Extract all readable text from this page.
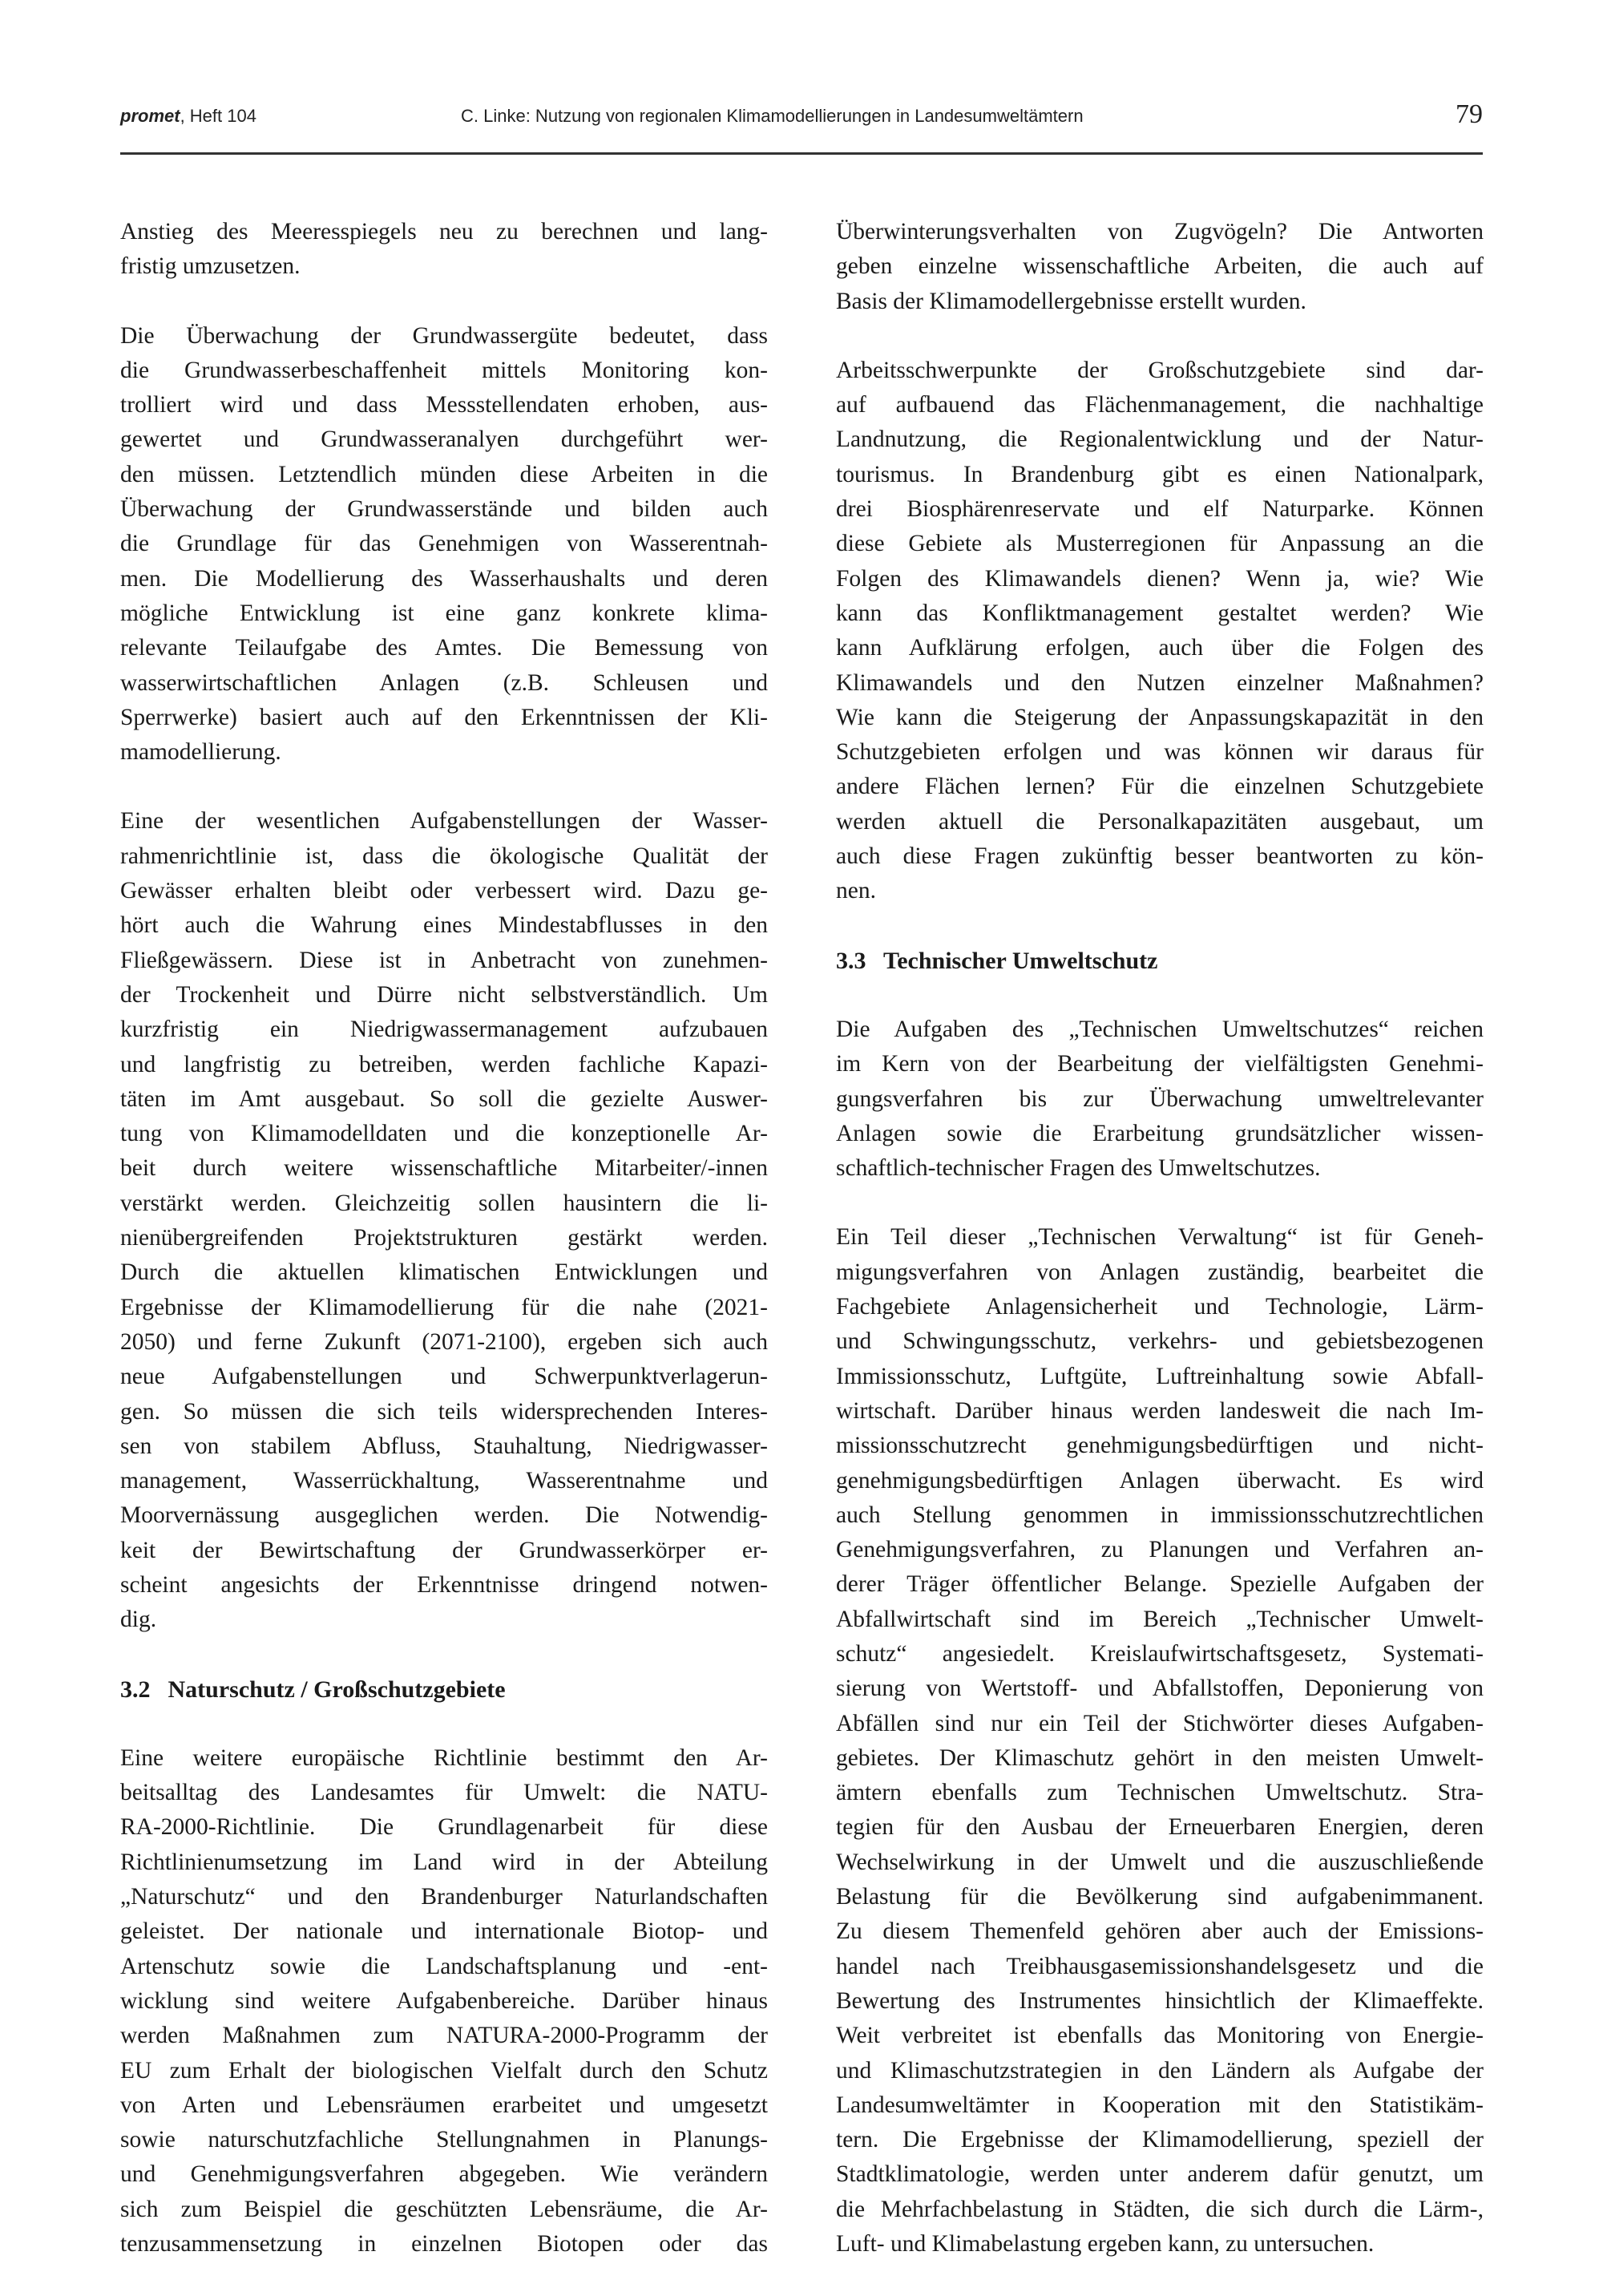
promet, Heft 104	C. Linke: Nutzung von regionalen Klimamodellierungen in Landesumweltämtern	79
Anstieg des Meeresspiegels neu zu berechnen und lang-
fristig umzusetzen.
Die Überwachung der Grundwassergüte bedeutet, dass
die Grundwasserbeschaffenheit mittels Monitoring kon-
trolliert wird und dass Messstellendaten erhoben, aus-
gewertet und Grundwasseranalyen durchgeführt wer-
den müssen. Letztendlich münden diese Arbeiten in die
Überwachung der Grundwasserstände und bilden auch
die Grundlage für das Genehmigen von Wasserentnah-
men. Die Modellierung des Wasserhaushalts und deren
mögliche Entwicklung ist eine ganz konkrete klima-
relevante Teilaufgabe des Amtes. Die Bemessung von
wasserwirtschaftlichen Anlagen (z.B. Schleusen und
Sperrwerke) basiert auch auf den Erkenntnissen der Kli-
mamodellierung.
Eine der wesentlichen Aufgabenstellungen der Wasser-
rahmenrichtlinie ist, dass die ökologische Qualität der
Gewässer erhalten bleibt oder verbessert wird. Dazu ge-
hört auch die Wahrung eines Mindestabflusses in den
Fließgewässern. Diese ist in Anbetracht von zunehmen-
der Trockenheit und Dürre nicht selbstverständlich. Um
kurzfristig ein Niedrigwassermanagement aufzubauen
und langfristig zu betreiben, werden fachliche Kapazi-
täten im Amt ausgebaut. So soll die gezielte Auswer-
tung von Klimamodelldaten und die konzeptionelle Ar-
beit durch weitere wissenschaftliche Mitarbeiter/-innen
verstärkt werden. Gleichzeitig sollen hausintern die li-
nienübergreifenden Projektstrukturen gestärkt werden.
Durch die aktuellen klimatischen Entwicklungen und
Ergebnisse der Klimamodellierung für die nahe (2021-
2050) und ferne Zukunft (2071-2100), ergeben sich auch
neue Aufgabenstellungen und Schwerpunktverlagerun-
gen. So müssen die sich teils widersprechenden Interes-
sen von stabilem Abfluss, Stauhaltung, Niedrigwasser-
management, Wasserrückhaltung, Wasserentnahme und
Moorvernässung ausgeglichen werden. Die Notwendig-
keit der Bewirtschaftung der Grundwasserkörper er-
scheint angesichts der Erkenntnisse dringend notwen-
dig.
3.2 Naturschutz / Großschutzgebiete
Eine weitere europäische Richtlinie bestimmt den Ar-
beitsalltag des Landesamtes für Umwelt: die NATU-
RA-2000-Richtlinie. Die Grundlagenarbeit für diese
Richtlinienumsetzung im Land wird in der Abteilung
„Naturschutz“ und den Brandenburger Naturlandschaften
geleistet. Der nationale und internationale Biotop- und
Artenschutz sowie die Landschaftsplanung und -ent-
wicklung sind weitere Aufgabenbereiche. Darüber hinaus
werden Maßnahmen zum NATURA-2000-Programm der
EU zum Erhalt der biologischen Vielfalt durch den Schutz
von Arten und Lebensräumen erarbeitet und umgesetzt
sowie naturschutzfachliche Stellungnahmen in Planungs-
und Genehmigungsverfahren abgegeben. Wie verändern
sich zum Beispiel die geschützten Lebensräume, die Ar-
tenzusammensetzung in einzelnen Biotopen oder das
Überwinterungsverhalten von Zugvögeln? Die Antworten
geben einzelne wissenschaftliche Arbeiten, die auch auf
Basis der Klimamodellergebnisse erstellt wurden.
Arbeitsschwerpunkte der Großschutzgebiete sind dar-
auf aufbauend das Flächenmanagement, die nachhaltige
Landnutzung, die Regionalentwicklung und der Natur-
tourismus. In Brandenburg gibt es einen Nationalpark,
drei Biosphärenreservate und elf Naturparke. Können
diese Gebiete als Musterregionen für Anpassung an die
Folgen des Klimawandels dienen? Wenn ja, wie? Wie
kann das Konfliktmanagement gestaltet werden? Wie
kann Aufklärung erfolgen, auch über die Folgen des
Klimawandels und den Nutzen einzelner Maßnahmen?
Wie kann die Steigerung der Anpassungskapazität in den
Schutzgebieten erfolgen und was können wir daraus für
andere Flächen lernen? Für die einzelnen Schutzgebiete
werden aktuell die Personalkapazitäten ausgebaut, um
auch diese Fragen zukünftig besser beantworten zu kön-
nen.
3.3 Technischer Umweltschutz
Die Aufgaben des „Technischen Umweltschutzes“ reichen
im Kern von der Bearbeitung der vielfältigsten Genehmi-
gungsverfahren bis zur Überwachung umweltrelevanter
Anlagen sowie die Erarbeitung grundsätzlicher wissen-
schaftlich-technischer Fragen des Umweltschutzes.
Ein Teil dieser „Technischen Verwaltung“ ist für Geneh-
migungsverfahren von Anlagen zuständig, bearbeitet die
Fachgebiete Anlagensicherheit und Technologie, Lärm-
und Schwingungsschutz, verkehrs- und gebietsbezogenen
Immissionsschutz, Luftgüte, Luftreinhaltung sowie Abfall-
wirtschaft. Darüber hinaus werden landesweit die nach Im-
missionsschutzrecht genehmigungsbedürftigen und nicht-
genehmigungsbedürftigen Anlagen überwacht. Es wird
auch Stellung genommen in immissionsschutzrechtlichen
Genehmigungsverfahren, zu Planungen und Verfahren an-
derer Träger öffentlicher Belange. Spezielle Aufgaben der
Abfallwirtschaft sind im Bereich „Technischer Umwelt-
schutz“ angesiedelt. Kreislaufwirtschaftsgesetz, Systemati-
sierung von Wertstoff- und Abfallstoffen, Deponierung von
Abfällen sind nur ein Teil der Stichwörter dieses Aufgaben-
gebietes. Der Klimaschutz gehört in den meisten Umwelt-
ämtern ebenfalls zum Technischen Umweltschutz. Stra-
tegien für den Ausbau der Erneuerbaren Energien, deren
Wechselwirkung in der Umwelt und die auszuschließende
Belastung für die Bevölkerung sind aufgabenimmanent.
Zu diesem Themenfeld gehören aber auch der Emissions-
handel nach Treibhausgasemissionshandelsgesetz und die
Bewertung des Instrumentes hinsichtlich der Klimaeffekte.
Weit verbreitet ist ebenfalls das Monitoring von Energie-
und Klimaschutzstrategien in den Ländern als Aufgabe der
Landesumweltämter in Kooperation mit den Statistikäm-
tern. Die Ergebnisse der Klimamodellierung, speziell der
Stadtklimatologie, werden unter anderem dafür genutzt, um
die Mehrfachbelastung in Städten, die sich durch die Lärm-,
Luft- und Klimabelastung ergeben kann, zu untersuchen.
